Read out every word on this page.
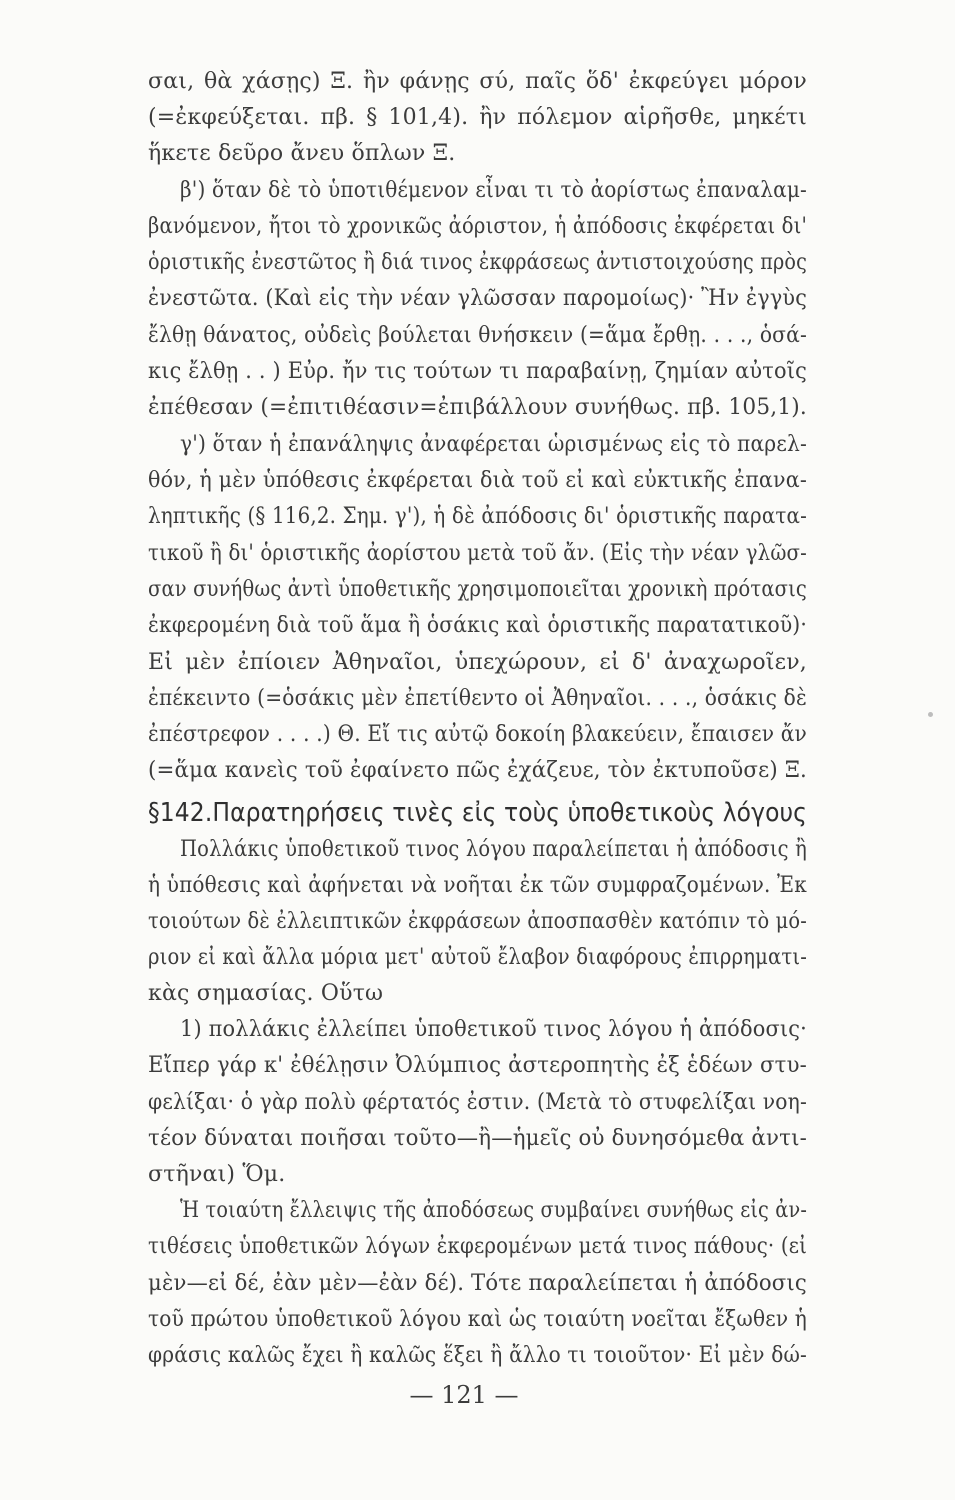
σαι, θὰ χάσῃς) Ξ. ἢν φάνῃς σύ, παῖς ὅδ' ἐκφεύγει μόρον
(=ἐκφεύξεται. πβ. § 101,4). ἢν πόλεμον αἱρῆσθε, μηκέτι
ἥκετε δεῦρο ἄνευ ὅπλων Ξ.
β') ὅταν δὲ τὸ ὑποτιθέμενον εἶναι τι τὸ ἀορίστως ἐπαναλαμ-
βανόμενον, ἤτοι τὸ χρονικῶς ἀόριστον, ἡ ἀπόδοσις ἐκφέρεται δι'
ὁριστικῆς ἐνεστῶτος ἢ διά τινος ἐκφράσεως ἀντιστοιχούσης πρὸς
ἐνεστῶτα. (Καὶ εἰς τὴν νέαν γλῶσσαν παρομοίως)· Ἢν ἐγγὺς
ἔλθῃ θάνατος, οὐδεὶς βούλεται θνήσκειν (=ἅμα ἔρθῃ. . . ., ὁσά-
κις ἔλθῃ . . ) Εὐρ. ἤν τις τούτων τι παραβαίνῃ, ζημίαν αὐτοῖς
ἐπέθεσαν (=ἐπιτιθέασιν=ἐπιβάλλουν συνήθως. πβ. 105,1).
γ') ὅταν ἡ ἐπανάληψις ἀναφέρεται ὡρισμένως εἰς τὸ παρελ-
θόν, ἡ μὲν ὑπόθεσις ἐκφέρεται διὰ τοῦ εἰ καὶ εὐκτικῆς ἐπανα-
ληπτικῆς (§ 116,2. Σημ. γ'), ἡ δὲ ἀπόδοσις δι' ὁριστικῆς παρατα-
τικοῦ ἢ δι' ὁριστικῆς ἀορίστου μετὰ τοῦ ἄν. (Εἰς τὴν νέαν γλῶσ-
σαν συνήθως ἀντὶ ὑποθετικῆς χρησιμοποιεῖται χρονικὴ πρότασις
ἐκφερομένη διὰ τοῦ ἅμα ἢ ὁσάκις καὶ ὁριστικῆς παρατατικοῦ)·
Εἰ μὲν ἐπίοιεν Ἀθηναῖοι, ὑπεχώρουν, εἰ δ' ἀναχωροῖεν,
ἐπέκειντο (=ὁσάκις μὲν ἐπετίθεντο οἱ Ἀθηναῖοι. . . ., ὁσάκις δὲ
ἐπέστρεφον . . . .) Θ. Εἴ τις αὐτῷ δοκοίη βλακεύειν, ἔπαισεν ἄν
(=ἅμα κανεὶς τοῦ ἐφαίνετο πῶς ἐχάζευε, τὸν ἐκτυποῦσε) Ξ.
Πολλάκις ὑποθετικοῦ τινος λόγου παραλείπεται ἡ ἀπόδοσις ἢ
ἡ ὑπόθεσις καὶ ἀφήνεται νὰ νοῆται ἐκ τῶν συμφραζομένων. Ἐκ
τοιούτων δὲ ἐλλειπτικῶν ἐκφράσεων ἀποσπασθὲν κατόπιν τὸ μό-
ριον εἰ καὶ ἄλλα μόρια μετ' αὐτοῦ ἔλαβον διαφόρους ἐπιρρηματι-
κὰς σημασίας. Οὕτω
1) πολλάκις ἐλλείπει ὑποθετικοῦ τινος λόγου ἡ ἀπόδοσις·
Εἴπερ γάρ κ' ἐθέλῃσιν Ὀλύμπιος ἀστεροπητὴς ἐξ ἑδέων στυ-
φελίξαι· ὁ γὰρ πολὺ φέρτατός ἐστιν. (Μετὰ τὸ στυφελίξαι νοη-
τέον δύναται ποιῆσαι τοῦτο—ἢ—ἡμεῖς οὐ δυνησόμεθα ἀντι-
στῆναι) Ὅμ.
Ἡ τοιαύτη ἔλλειψις τῆς ἀποδόσεως συμβαίνει συνήθως εἰς ἀν-
τιθέσεις ὑποθετικῶν λόγων ἐκφερομένων μετά τινος πάθους· (εἰ
μὲν—εἰ δέ, ἐὰν μὲν—ἐὰν δέ). Τότε παραλείπεται ἡ ἀπόδοσις
τοῦ πρώτου ὑποθετικοῦ λόγου καὶ ὡς τοιαύτη νοεῖται ἔξωθεν ἡ
φράσις καλῶς ἔχει ἢ καλῶς ἕξει ἢ ἄλλο τι τοιοῦτον· Εἰ μὲν δώ-
§142.Παρατηρήσεις τινὲς εἰς τοὺς ὑποθετικοὺς λόγους
— 121 —
